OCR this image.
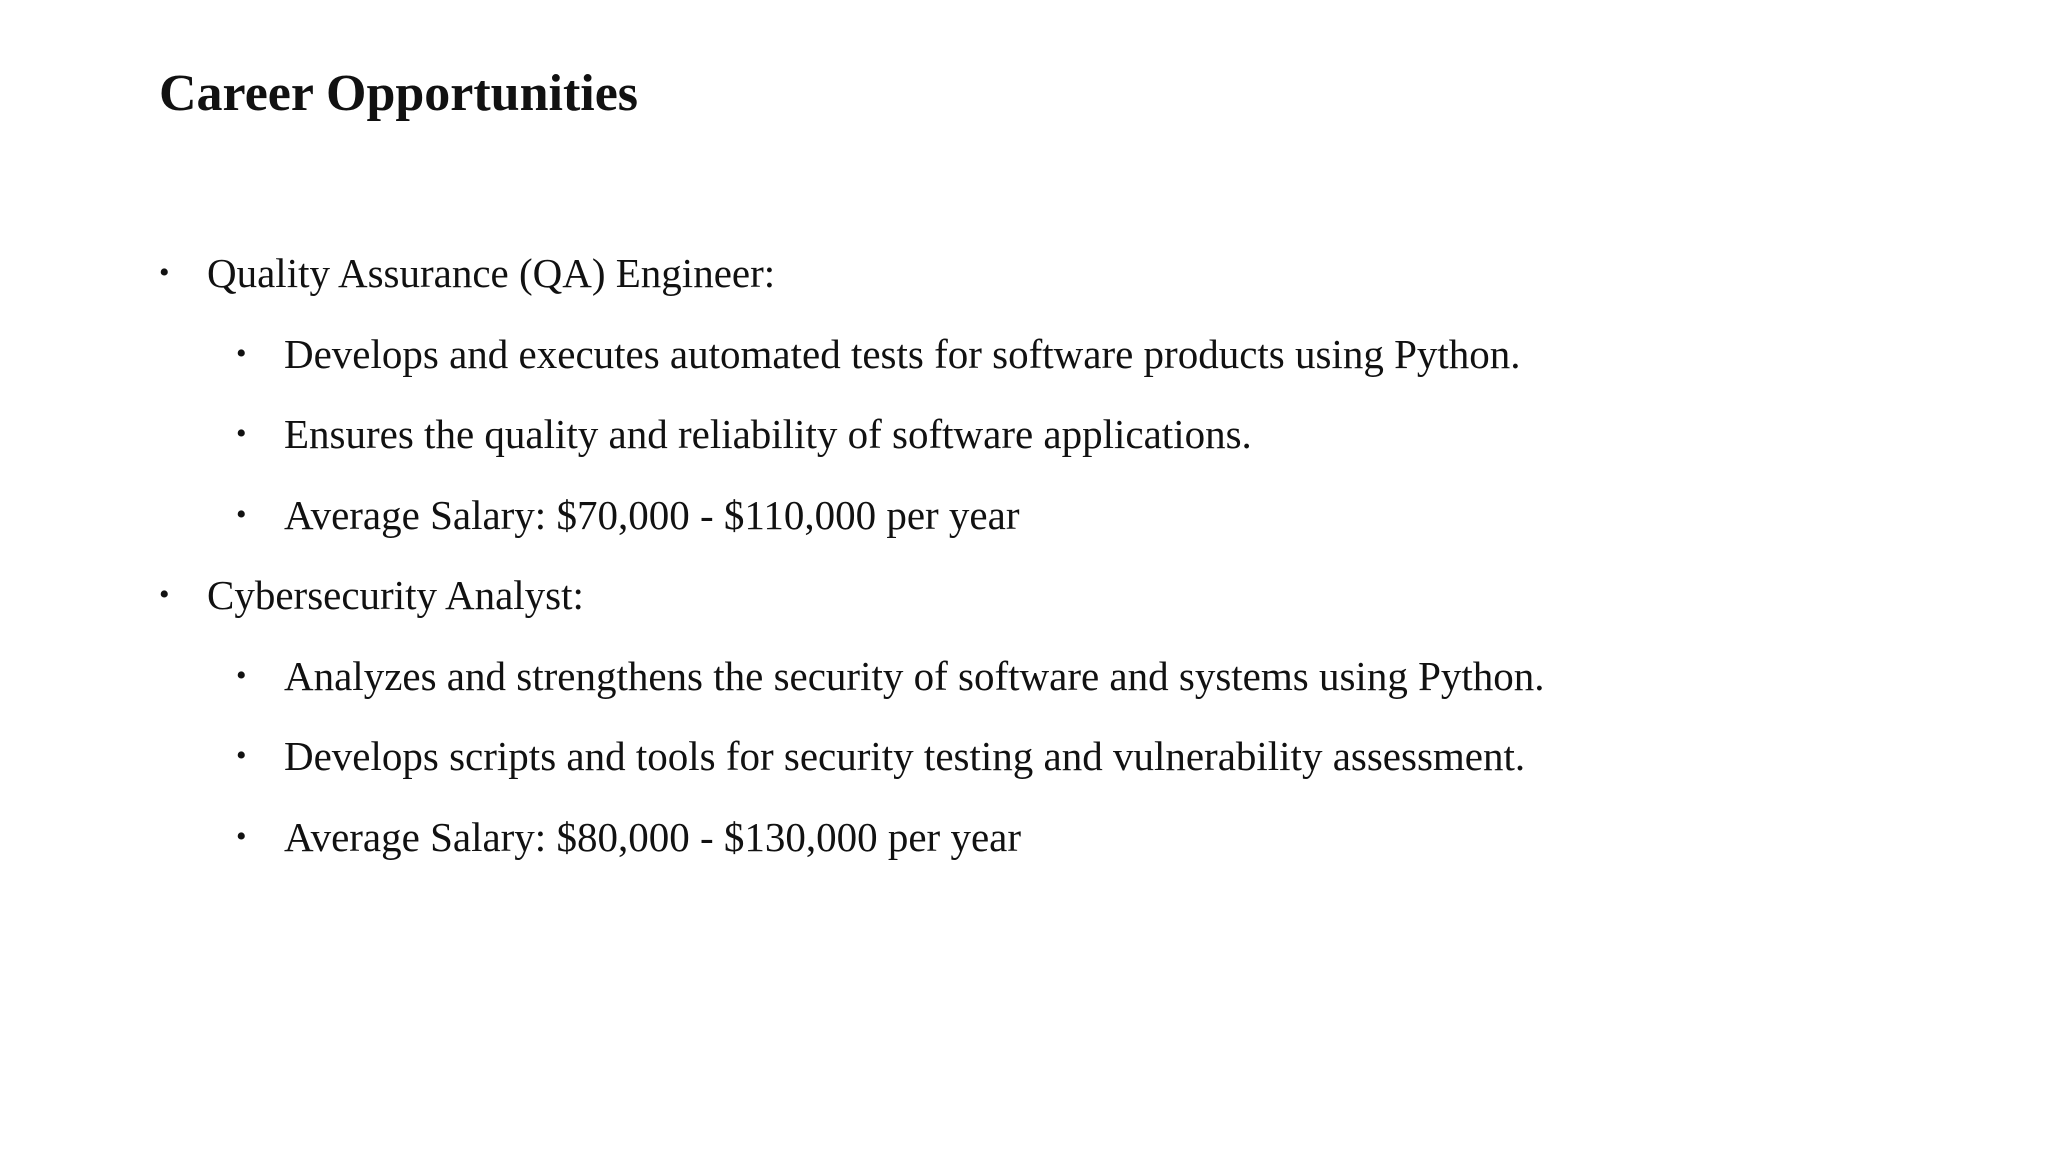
Career Opportunities
• Quality Assurance (QA) Engineer:
• Develops and executes automated tests for software products using Python.
• Ensures the quality and reliability of software applications.
• Average Salary: $70,000 - $110,000 per year
• Cybersecurity Analyst:
• Analyzes and strengthens the security of software and systems using Python.
• Develops scripts and tools for security testing and vulnerability assessment.
• Average Salary: $80,000 - $130,000 per year
